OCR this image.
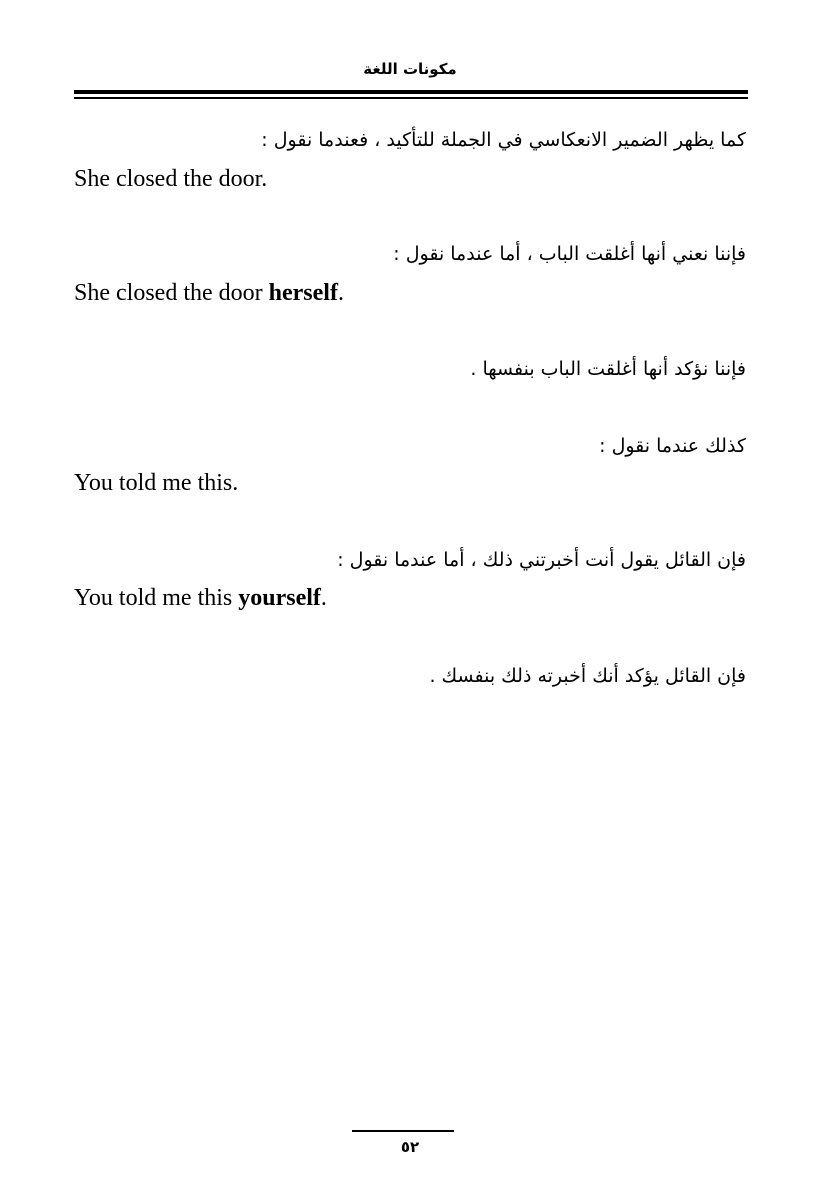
مكونات اللغة
كما يظهر الضمير الانعكاسي في الجملة للتأكيد ، فعندما نقول :
She closed the door.
فإننا نعني أنها أغلقت الباب ، أما عندما نقول :
She closed the door herself.
فإننا نؤكد أنها أغلقت الباب بنفسها .
كذلك عندما نقول :
You told me this.
فإن القائل يقول أنت أخبرتني ذلك ، أما عندما نقول :
You told me this yourself.
فإن القائل يؤكد أنك أخبرته ذلك بنفسك .
٥٢
